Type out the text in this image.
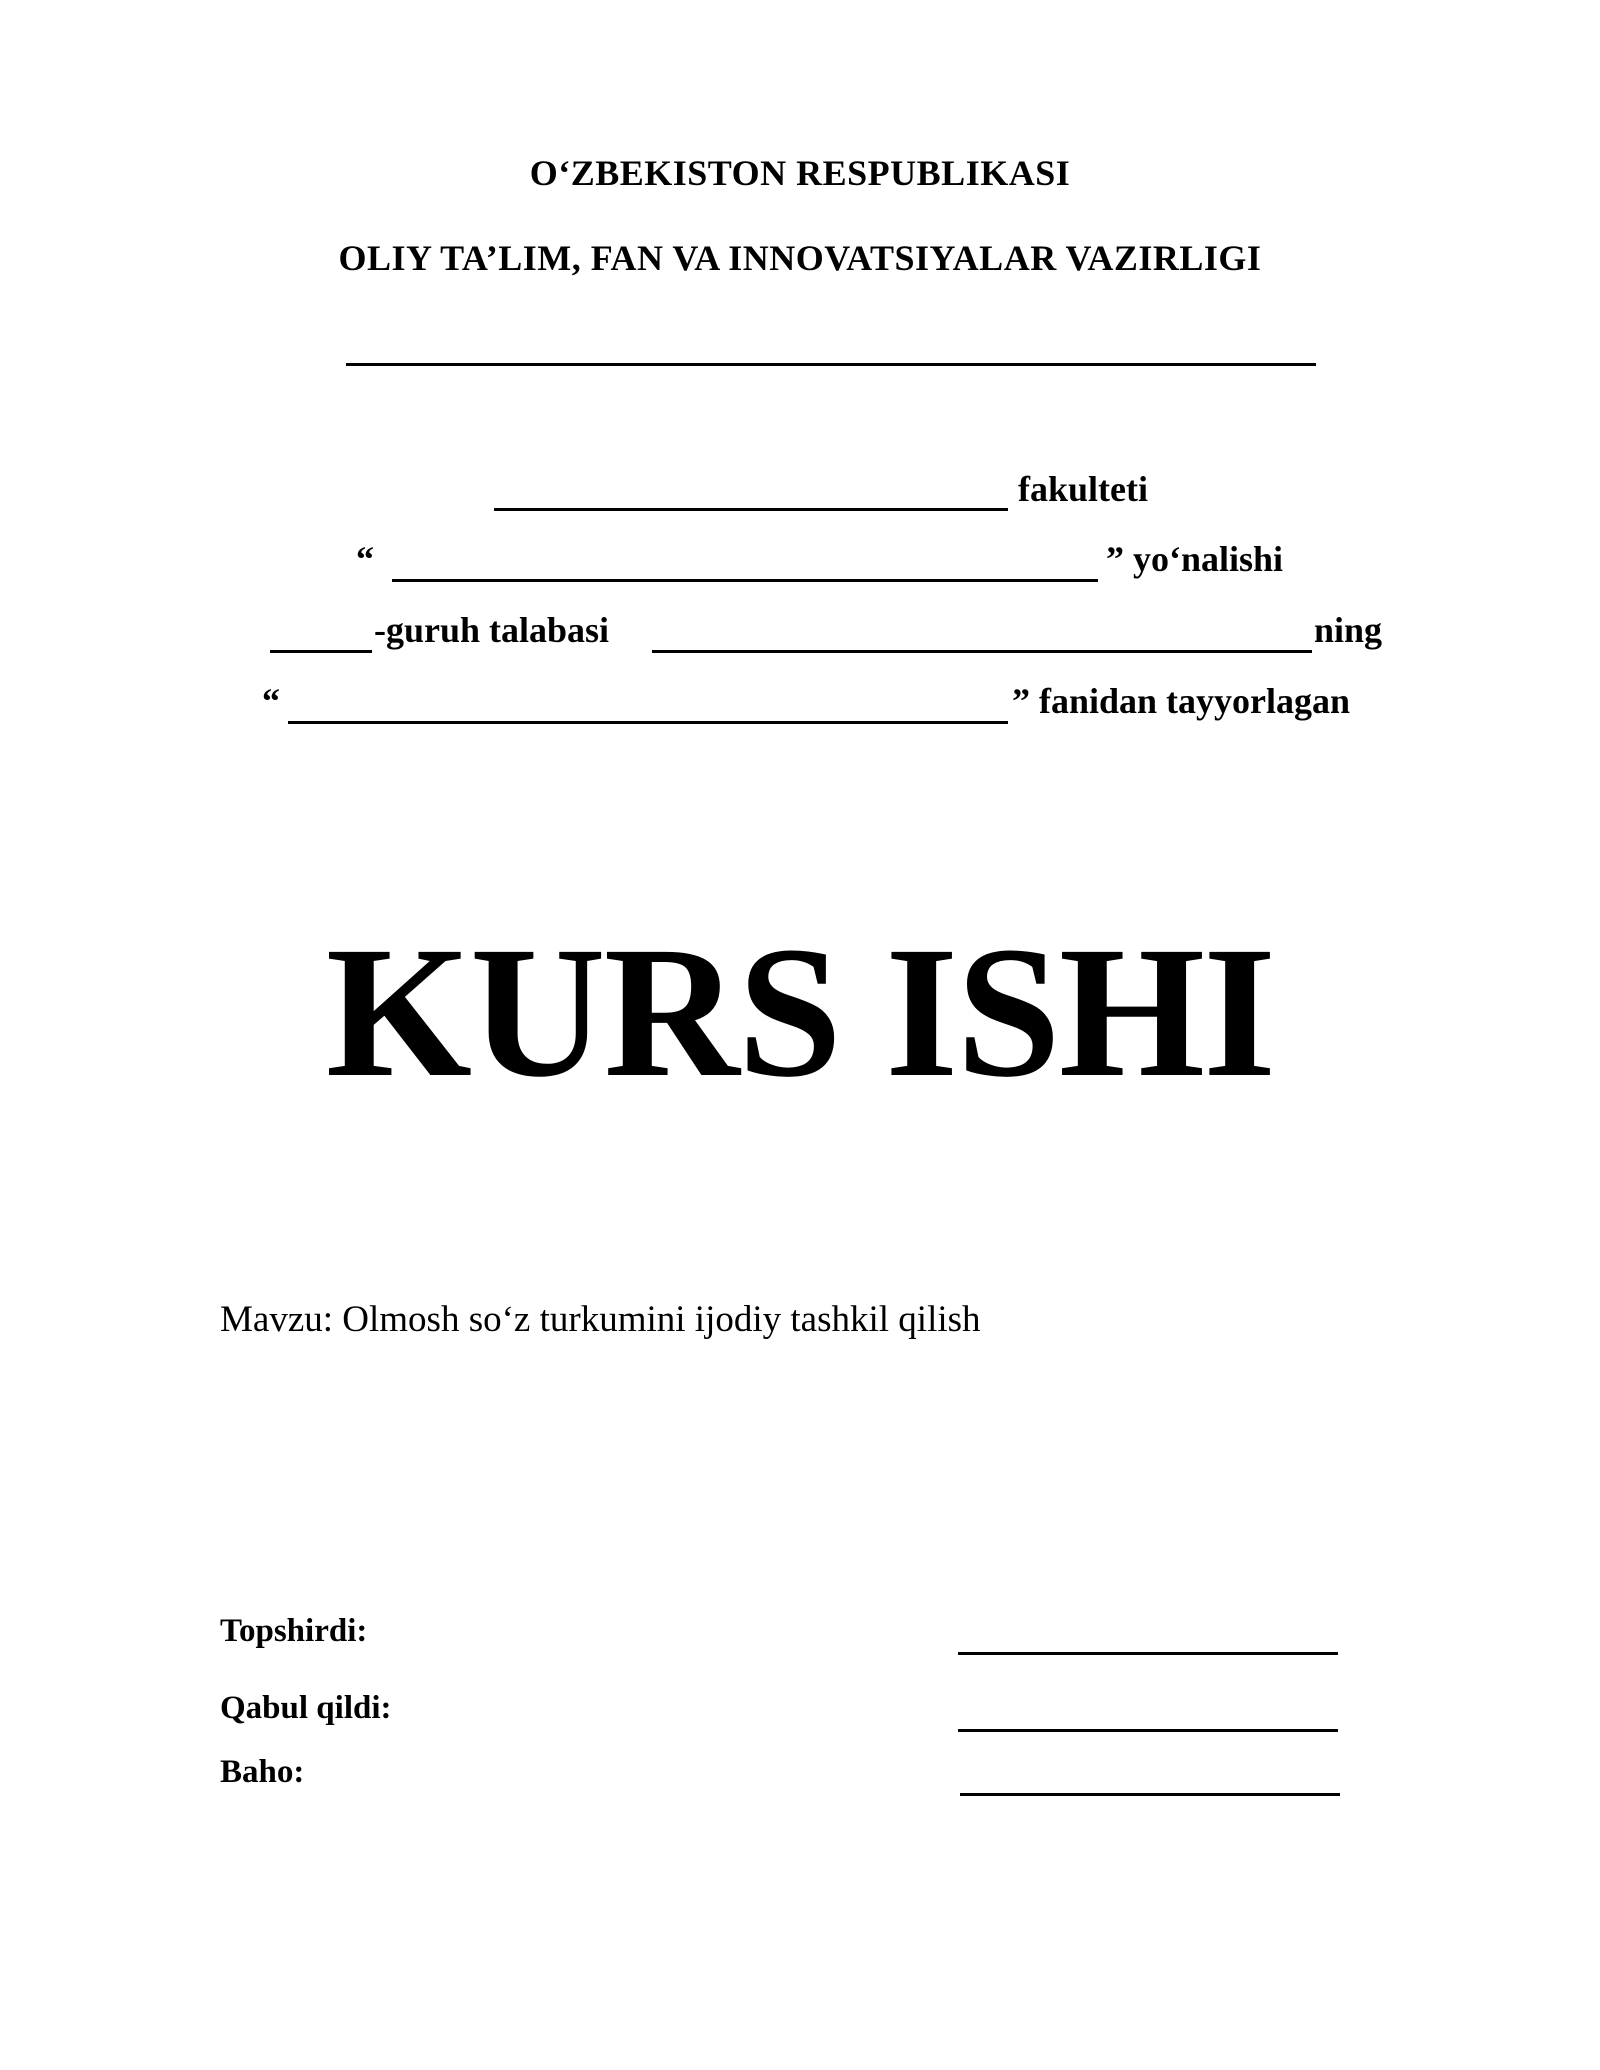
O‘ZBEKISTON RESPUBLIKASI
OLIY TA’LIM, FAN VA INNOVATSIYALAR VAZIRLIGI
fakulteti
“	” yo‘nalishi
-guruh talabasi	ning
“	” fanidan tayyorlagan
KURS ISHI
Mavzu: Olmosh so‘z turkumini ijodiy tashkil qilish
Topshirdi:
Qabul qildi:
Baho:
